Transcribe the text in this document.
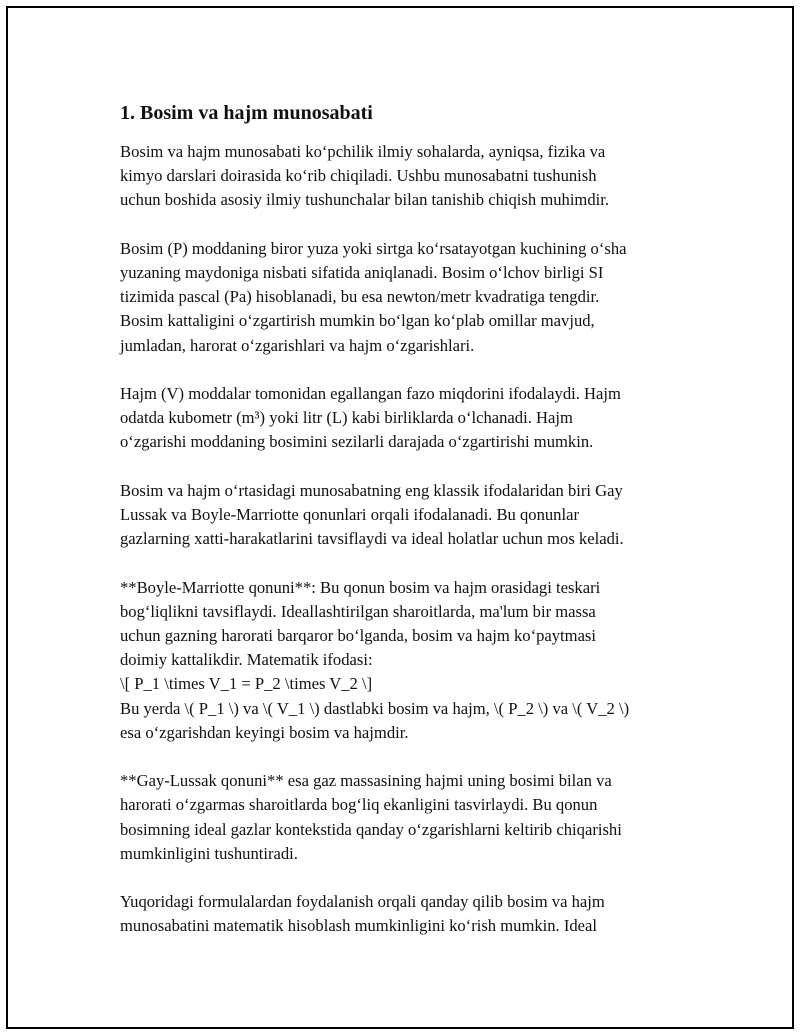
1. Bosim va hajm munosabati

Bosim va hajm munosabati ko‘pchilik ilmiy sohalarda, ayniqsa, fizika va
kimyo darslari doirasida ko‘rib chiqiladi. Ushbu munosabatni tushunish
uchun boshida asosiy ilmiy tushunchalar bilan tanishib chiqish muhimdir.

Bosim (P) moddaning biror yuza yoki sirtga ko‘rsatayotgan kuchining o‘sha
yuzaning maydoniga nisbati sifatida aniqlanadi. Bosim o‘lchov birligi SI
tizimida pascal (Pa) hisoblanadi, bu esa newton/metr kvadratiga tengdir.
Bosim kattaligini o‘zgartirish mumkin bo‘lgan ko‘plab omillar mavjud,
jumladan, harorat o‘zgarishlari va hajm o‘zgarishlari.

Hajm (V) moddalar tomonidan egallangan fazo miqdorini ifodalaydi. Hajm
odatda kubometr (m³) yoki litr (L) kabi birliklarda o‘lchanadi. Hajm
o‘zgarishi moddaning bosimini sezilarli darajada o‘zgartirishi mumkin.

Bosim va hajm o‘rtasidagi munosabatning eng klassik ifodalaridan biri Gay
Lussak va Boyle-Marriotte qonunlari orqali ifodalanadi. Bu qonunlar
gazlarning xatti-harakatlarini tavsiflaydi va ideal holatlar uchun mos keladi.

**Boyle-Marriotte qonuni**: Bu qonun bosim va hajm orasidagi teskari
bog‘liqlikni tavsiflaydi. Ideallashtirilgan sharoitlarda, ma'lum bir massa
uchun gazning harorati barqaror bo‘lganda, bosim va hajm ko‘paytmasi
doimiy kattalikdir. Matematik ifodasi:
\[ P_1 \times V_1 = P_2 \times V_2 \]
Bu yerda \( P_1 \) va \( V_1 \) dastlabki bosim va hajm, \( P_2 \) va \( V_2 \)
esa o‘zgarishdan keyingi bosim va hajmdir.

**Gay-Lussak qonuni** esa gaz massasining hajmi uning bosimi bilan va
harorati o‘zgarmas sharoitlarda bog‘liq ekanligini tasvirlaydi. Bu qonun
bosimning ideal gazlar kontekstida qanday o‘zgarishlarni keltirib chiqarishi
mumkinligini tushuntiradi.

Yuqoridagi formulalardan foydalanish orqali qanday qilib bosim va hajm
munosabatini matematik hisoblash mumkinligini ko‘rish mumkin. Ideal
